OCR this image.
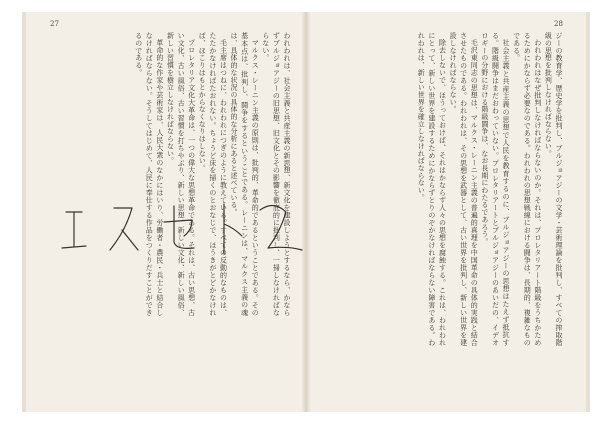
27	28

ジーの教育学、歴史学を批判し、ブルジョアジーの文学・芸術理論を批判し、すべての搾取階級の思想を批判しなければならない。

われわれはなぜ批判しなければならないのか。それは、プロレタリアート階級をうちかためるためにかならず必要なのである。われわれの思想戦線における闘争は、長期的、複雑なものである。

社会主義と共産主義の思想で人民を教育するのに、ブルジョアジーの思想はたえず抵抗する。階級闘争はまだおわっていない。プロレタリアートとブルジョアジーのあいだの、イデオロギーの分野における階級闘争は、なお長期にわたるであろう。

毛沢東同志の思想は、マルクス・レーニン主義の普遍的真理を中国革命の具体的実践と結合させたものである。われわれは、その思想を武器として、古い世界を批判し、新しい世界を建設しなければならない。

除去しないで、ほうっておけば、それはかならず人々の思想を腐蝕する。これは、われわれにとって、新しい世界を建設するためにかならずとりのぞかなければならない障害である。われわれは、新しい世界を確立しなければならない。

われわれは、社会主義と共産主義の新思想、新文化を建設しようとするなら、かならずブルジョアジーの旧思想、旧文化とその影響を徹底的に批判し、一掃しなければならない。

マルクス・レーニン主義の原則は、批判的、革命的であるということである。その基本点は、批判し、闘争をするということである。レーニンは、マルクス主義の魂は、具体的な状況の具体的な分析にあると述べている。

毛主席はつねに、われわれにつぎのように教えている。すべての反動的なものは、たたかなければたおれない。ちょうど床を掃くのとおなじで、ほうきがとどかなければ、ほこりはもとからなくなりはしない。

プロレタリア文化大革命は、一つの偉大な思想革命である。それは、古い思想、古い文化、古い風俗、古い習慣を打ちやぶり、新しい思想、新しい文化、新しい風俗、新しい習慣を樹立しなければならない。

革命的な作家や芸術家は、人民大衆のなかにはいり、労働者・農民・兵士と結合しなければならない。そうしてはじめて、人民に奉仕する作品をつくりだすことができるのである。
